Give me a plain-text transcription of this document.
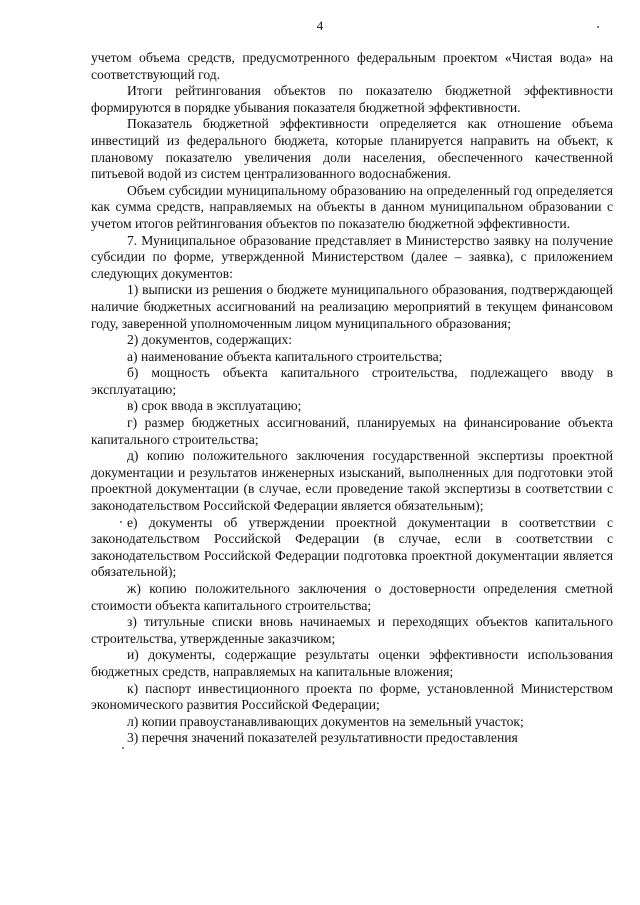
4

учетом объема средств, предусмотренного федеральным проектом «Чистая вода» на соответствующий год.

Итоги рейтингования объектов по показателю бюджетной эффективности формируются в порядке убывания показателя бюджетной эффективности.

Показатель бюджетной эффективности определяется как отношение объема инвестиций из федерального бюджета, которые планируется направить на объект, к плановому показателю увеличения доли населения, обеспеченного качественной питьевой водой из систем централизованного водоснабжения.

Объем субсидии муниципальному образованию на определенный год определяется как сумма средств, направляемых на объекты в данном муниципальном образовании с учетом итогов рейтингования объектов по показателю бюджетной эффективности.

7. Муниципальное образование представляет в Министерство заявку на получение субсидии по форме, утвержденной Министерством (далее – заявка), с приложением следующих документов:

1) выписки из решения о бюджете муниципального образования, подтверждающей наличие бюджетных ассигнований на реализацию мероприятий в текущем финансовом году, заверенной уполномоченным лицом муниципального образования;

2) документов, содержащих:

а) наименование объекта капитального строительства;

б) мощность объекта капитального строительства, подлежащего вводу в эксплуатацию;

в) срок ввода в эксплуатацию;

г) размер бюджетных ассигнований, планируемых на финансирование объекта капитального строительства;

д) копию положительного заключения государственной экспертизы проектной документации и результатов инженерных изысканий, выполненных для подготовки этой проектной документации (в случае, если проведение такой экспертизы в соответствии с законодательством Российской Федерации является обязательным);

е) документы об утверждении проектной документации в соответствии с законодательством Российской Федерации (в случае, если в соответствии с законодательством Российской Федерации подготовка проектной документации является обязательной);

ж) копию положительного заключения о достоверности определения сметной стоимости объекта капитального строительства;

з) титульные списки вновь начинаемых и переходящих объектов капитального строительства, утвержденные заказчиком;

и) документы, содержащие результаты оценки эффективности использования бюджетных средств, направляемых на капитальные вложения;

к) паспорт инвестиционного проекта по форме, установленной Министерством экономического развития Российской Федерации;

л) копии правоустанавливающих документов на земельный участок;

3) перечня значений показателей результативности предоставления
